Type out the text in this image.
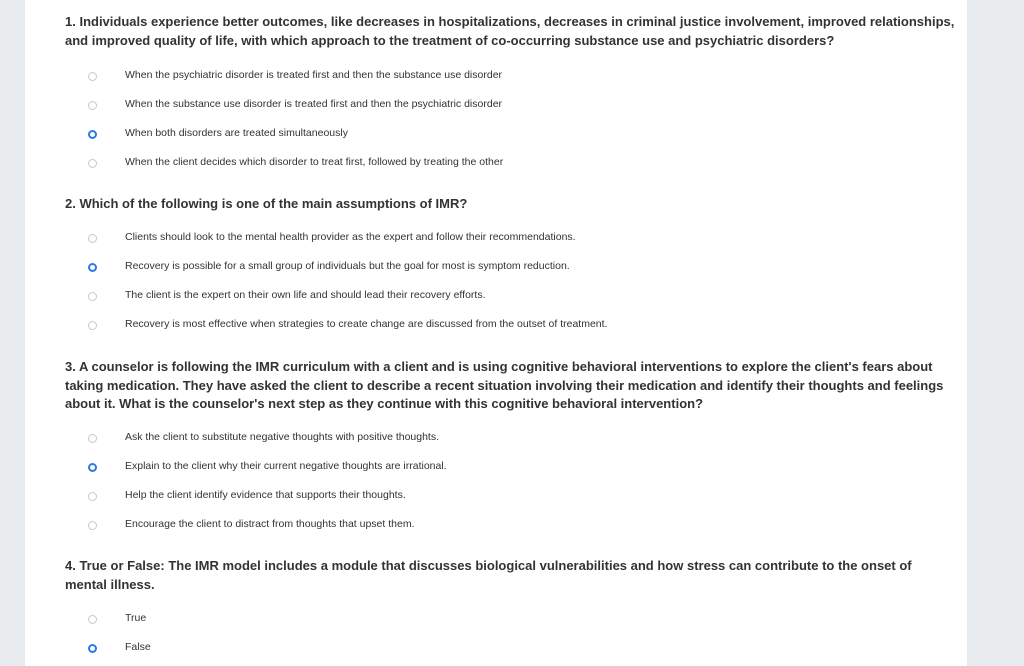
1. Individuals experience better outcomes, like decreases in hospitalizations, decreases in criminal justice involvement, improved relationships, and improved quality of life, with which approach to the treatment of co-occurring substance use and psychiatric disorders?
When the psychiatric disorder is treated first and then the substance use disorder
When the substance use disorder is treated first and then the psychiatric disorder
When both disorders are treated simultaneously
When the client decides which disorder to treat first, followed by treating the other
2. Which of the following is one of the main assumptions of IMR?
Clients should look to the mental health provider as the expert and follow their recommendations.
Recovery is possible for a small group of individuals but the goal for most is symptom reduction.
The client is the expert on their own life and should lead their recovery efforts.
Recovery is most effective when strategies to create change are discussed from the outset of treatment.
3. A counselor is following the IMR curriculum with a client and is using cognitive behavioral interventions to explore the client's fears about taking medication. They have asked the client to describe a recent situation involving their medication and identify their thoughts and feelings about it. What is the counselor's next step as they continue with this cognitive behavioral intervention?
Ask the client to substitute negative thoughts with positive thoughts.
Explain to the client why their current negative thoughts are irrational.
Help the client identify evidence that supports their thoughts.
Encourage the client to distract from thoughts that upset them.
4. True or False: The IMR model includes a module that discusses biological vulnerabilities and how stress can contribute to the onset of mental illness.
True
False
